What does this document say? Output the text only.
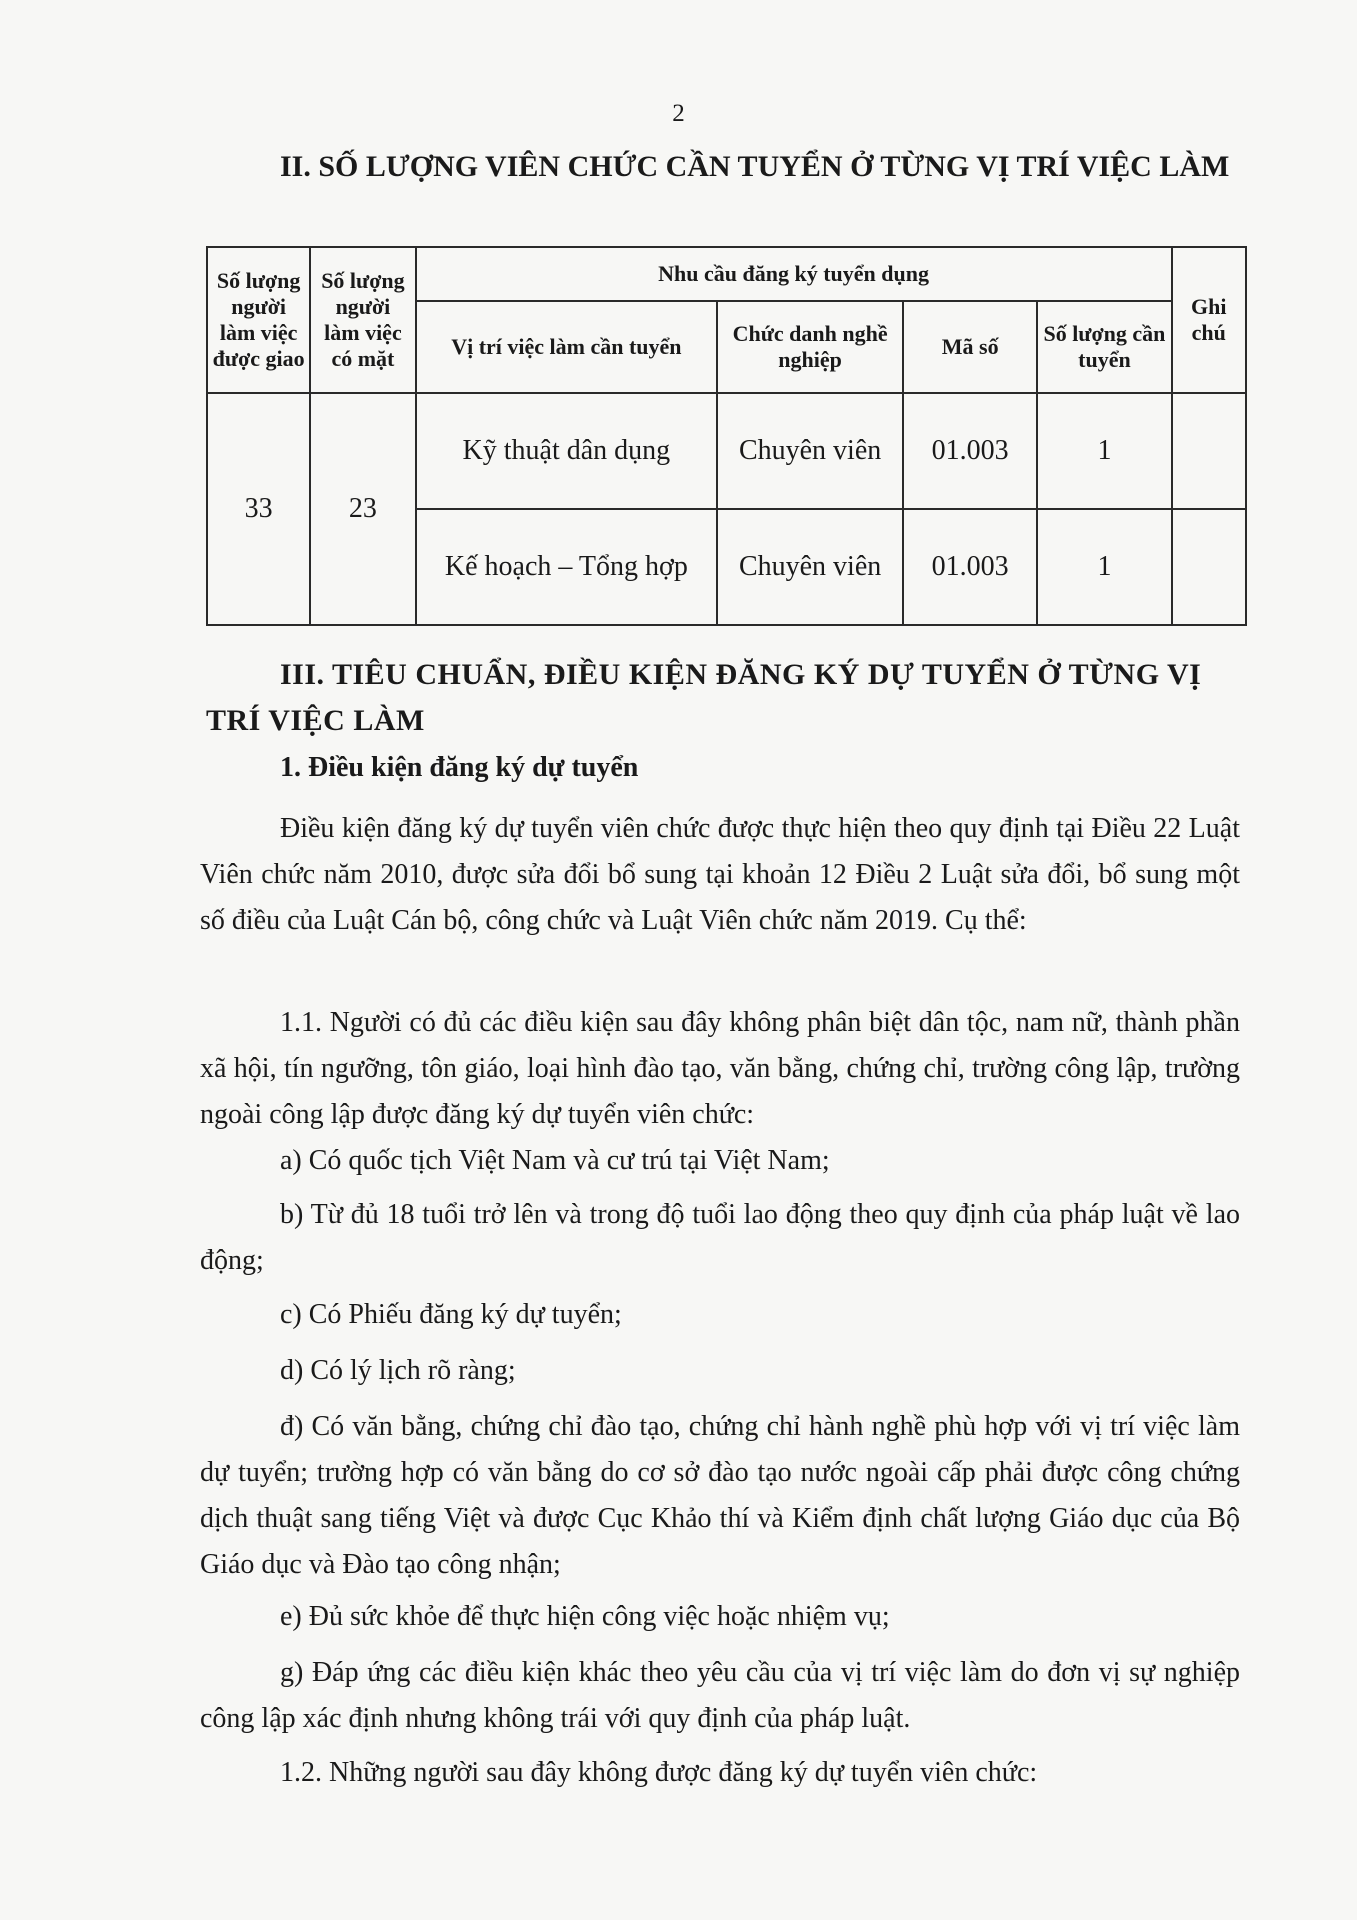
2
II. SỐ LƯỢNG VIÊN CHỨC CẦN TUYỂN Ở TỪNG VỊ TRÍ VIỆC LÀM
Số lượng người làm việc được giao	Số lượng người làm việc có mặt	Nhu cầu đăng ký tuyển dụng				Ghi chú
		Vị trí việc làm cần tuyển	Chức danh nghề nghiệp	Mã số	Số lượng cần tuyển	
33	23	Kỹ thuật dân dụng	Chuyên viên	01.003	1	
		Kế hoạch – Tổng hợp	Chuyên viên	01.003	1	
III. TIÊU CHUẨN, ĐIỀU KIỆN ĐĂNG KÝ DỰ TUYỂN Ở TỪNG VỊ TRÍ VIỆC LÀM
1. Điều kiện đăng ký dự tuyển
Điều kiện đăng ký dự tuyển viên chức được thực hiện theo quy định tại Điều 22 Luật Viên chức năm 2010, được sửa đổi bổ sung tại khoản 12 Điều 2 Luật sửa đổi, bổ sung một số điều của Luật Cán bộ, công chức và Luật Viên chức năm 2019. Cụ thể:
1.1. Người có đủ các điều kiện sau đây không phân biệt dân tộc, nam nữ, thành phần xã hội, tín ngưỡng, tôn giáo, loại hình đào tạo, văn bằng, chứng chỉ, trường công lập, trường ngoài công lập được đăng ký dự tuyển viên chức:
a) Có quốc tịch Việt Nam và cư trú tại Việt Nam;
b) Từ đủ 18 tuổi trở lên và trong độ tuổi lao động theo quy định của pháp luật về lao động;
c) Có Phiếu đăng ký dự tuyển;
d) Có lý lịch rõ ràng;
đ) Có văn bằng, chứng chỉ đào tạo, chứng chỉ hành nghề phù hợp với vị trí việc làm dự tuyển; trường hợp có văn bằng do cơ sở đào tạo nước ngoài cấp phải được công chứng dịch thuật sang tiếng Việt và được Cục Khảo thí và Kiểm định chất lượng Giáo dục của Bộ Giáo dục và Đào tạo công nhận;
e) Đủ sức khỏe để thực hiện công việc hoặc nhiệm vụ;
g) Đáp ứng các điều kiện khác theo yêu cầu của vị trí việc làm do đơn vị sự nghiệp công lập xác định nhưng không trái với quy định của pháp luật.
1.2. Những người sau đây không được đăng ký dự tuyển viên chức:
